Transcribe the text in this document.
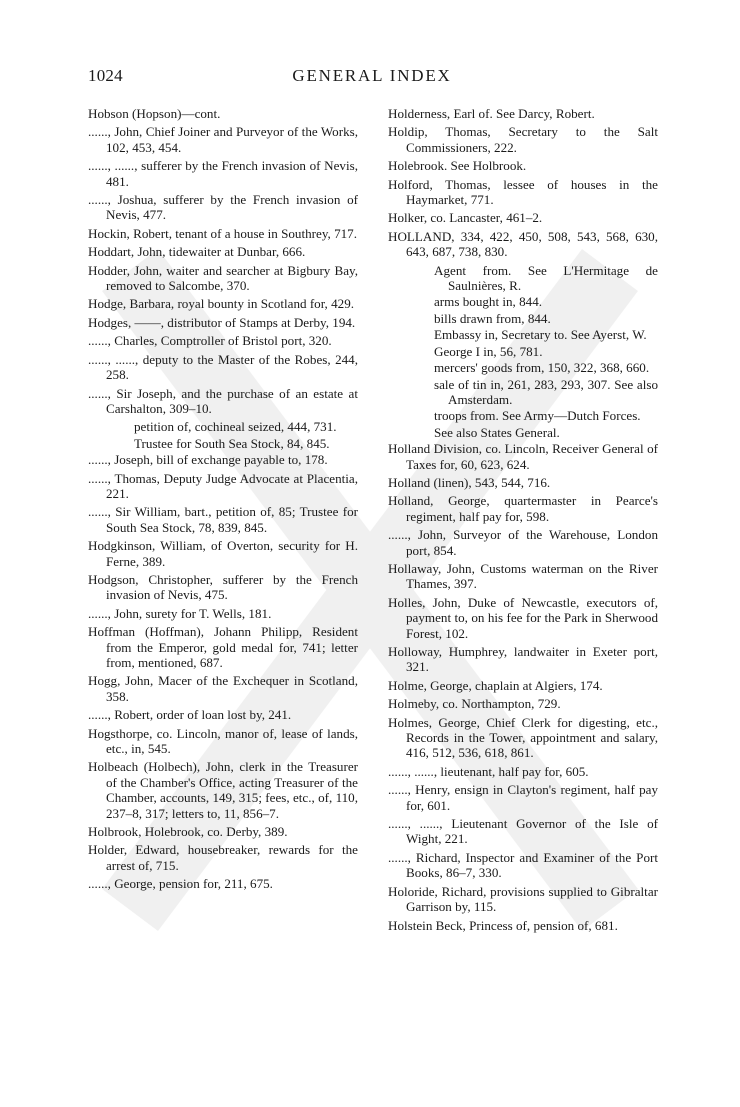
1024	GENERAL INDEX
Hobson (Hopson)—cont.
......, John, Chief Joiner and Purveyor of the Works, 102, 453, 454.
......, ......, sufferer by the French invasion of Nevis, 481.
......, Joshua, sufferer by the French invasion of Nevis, 477.
Hockin, Robert, tenant of a house in Southrey, 717.
Hoddart, John, tidewaiter at Dunbar, 666.
Hodder, John, waiter and searcher at Bigbury Bay, removed to Salcombe, 370.
Hodge, Barbara, royal bounty in Scotland for, 429.
Hodges, ——, distributor of Stamps at Derby, 194.
......, Charles, Comptroller of Bristol port, 320.
......, ......, deputy to the Master of the Robes, 244, 258.
......, Sir Joseph, and the purchase of an estate at Carshalton, 309–10.
petition of, cochineal seized, 444, 731.
Trustee for South Sea Stock, 84, 845.
......, Joseph, bill of exchange payable to, 178.
......, Thomas, Deputy Judge Advocate at Placentia, 221.
......, Sir William, bart., petition of, 85; Trustee for South Sea Stock, 78, 839, 845.
Hodgkinson, William, of Overton, security for H. Ferne, 389.
Hodgson, Christopher, sufferer by the French invasion of Nevis, 475.
......, John, surety for T. Wells, 181.
Hoffman (Hoffman), Johann Philipp, Resident from the Emperor, gold medal for, 741; letter from, mentioned, 687.
Hogg, John, Macer of the Exchequer in Scotland, 358.
......, Robert, order of loan lost by, 241.
Hogsthorpe, co. Lincoln, manor of, lease of lands, etc., in, 545.
Holbeach (Holbech), John, clerk in the Treasurer of the Chamber's Office, acting Treasurer of the Chamber, accounts, 149, 315; fees, etc., of, 110, 237–8, 317; letters to, 11, 856–7.
Holbrook, Holebrook, co. Derby, 389.
Holder, Edward, housebreaker, rewards for the arrest of, 715.
......, George, pension for, 211, 675.
Holderness, Earl of. See Darcy, Robert.
Holdip, Thomas, Secretary to the Salt Commissioners, 222.
Holebrook. See Holbrook.
Holford, Thomas, lessee of houses in the Haymarket, 771.
Holker, co. Lancaster, 461–2.
HOLLAND, 334, 422, 450, 508, 543, 568, 630, 643, 687, 738, 830.
Agent from. See L'Hermitage de Saulnières, R.
arms bought in, 844.
bills drawn from, 844.
Embassy in, Secretary to. See Ayerst, W.
George I in, 56, 781.
mercers' goods from, 150, 322, 368, 660.
sale of tin in, 261, 283, 293, 307. See also Amsterdam.
troops from. See Army—Dutch Forces.
See also States General.
Holland Division, co. Lincoln, Receiver General of Taxes for, 60, 623, 624.
Holland (linen), 543, 544, 716.
Holland, George, quartermaster in Pearce's regiment, half pay for, 598.
......, John, Surveyor of the Warehouse, London port, 854.
Hollaway, John, Customs waterman on the River Thames, 397.
Holles, John, Duke of Newcastle, executors of, payment to, on his fee for the Park in Sherwood Forest, 102.
Holloway, Humphrey, landwaiter in Exeter port, 321.
Holme, George, chaplain at Algiers, 174.
Holmeby, co. Northampton, 729.
Holmes, George, Chief Clerk for digesting, etc., Records in the Tower, appointment and salary, 416, 512, 536, 618, 861.
......, ......, lieutenant, half pay for, 605.
......, Henry, ensign in Clayton's regiment, half pay for, 601.
......, ......, Lieutenant Governor of the Isle of Wight, 221.
......, Richard, Inspector and Examiner of the Port Books, 86–7, 330.
Holoride, Richard, provisions supplied to Gibraltar Garrison by, 115.
Holstein Beck, Princess of, pension of, 681.
